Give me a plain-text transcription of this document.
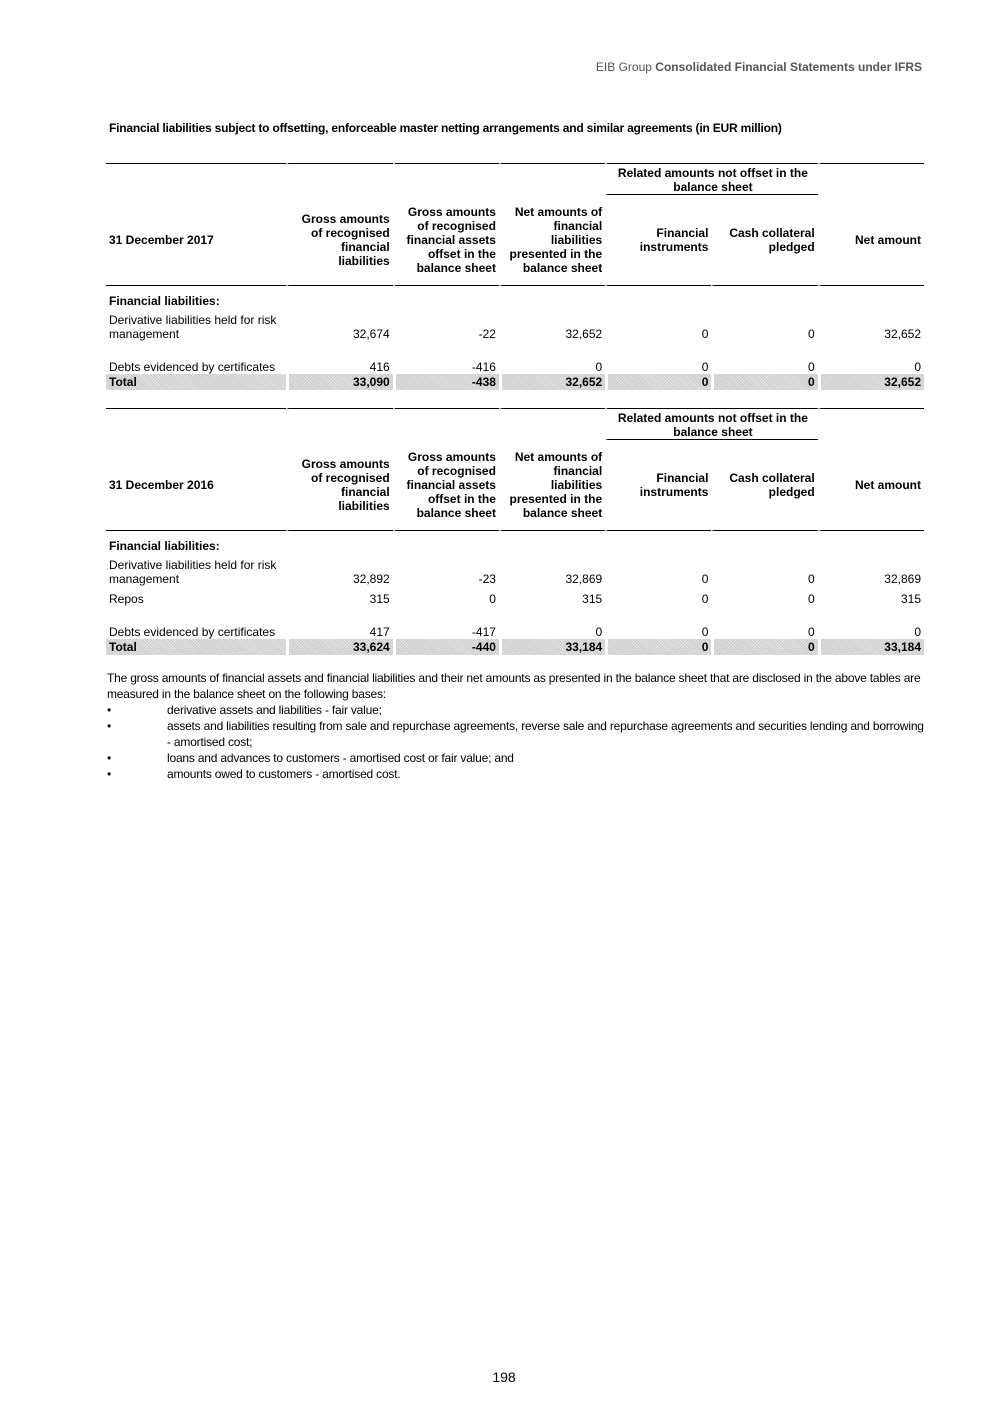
EIB Group Consolidated Financial Statements under IFRS
Financial liabilities subject to offsetting, enforceable master netting arrangements and similar agreements (in EUR million)
				Related amounts not offset in the balance sheet		
31 December 2017	Gross amounts of recognised financial liabilities	Gross amounts of recognised financial assets offset in the balance sheet	Net amounts of financial liabilities presented in the balance sheet	Financial instruments	Cash collateral pledged	Net amount
Financial liabilities:						
Derivative liabilities held for risk management	32,674	-22	32,652	0	0	32,652
Debts evidenced by certificates	416	-416	0	0	0	0
Total	33,090	-438	32,652	0	0	32,652
				Related amounts not offset in the balance sheet		
31 December 2016	Gross amounts of recognised financial liabilities	Gross amounts of recognised financial assets offset in the balance sheet	Net amounts of financial liabilities presented in the balance sheet	Financial instruments	Cash collateral pledged	Net amount
Financial liabilities:						
Derivative liabilities held for risk management	32,892	-23	32,869	0	0	32,869
Repos	315	0	315	0	0	315
Debts evidenced by certificates	417	-417	0	0	0	0
Total	33,624	-440	33,184	0	0	33,184

The gross amounts of financial assets and financial liabilities and their net amounts as presented in the balance sheet that are disclosed in the above tables are measured in the balance sheet on the following bases:

•	derivative assets and liabilities - fair value;
•	assets and liabilities resulting from sale and repurchase agreements, reverse sale and repurchase agreements and securities lending and borrowing - amortised cost;
•	loans and advances to customers - amortised cost or fair value; and
•	amounts owed to customers - amortised cost.
198
